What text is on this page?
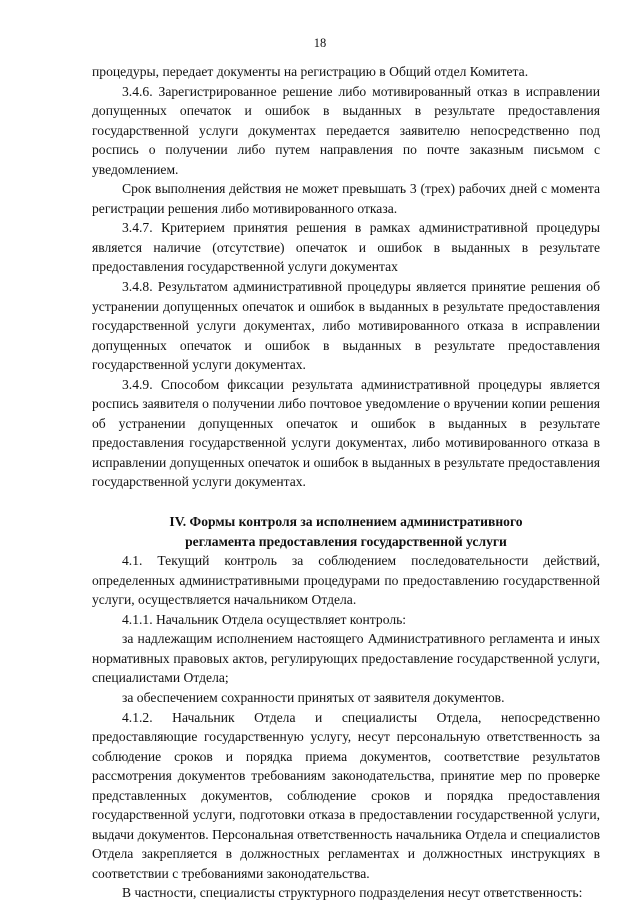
18

процедуры, передает документы на регистрацию в Общий отдел Комитета.

3.4.6. Зарегистрированное решение либо мотивированный отказ в исправлении допущенных опечаток и ошибок в выданных в результате предоставления государственной услуги документах передается заявителю непосредственно под роспись о получении либо путем направления по почте заказным письмом с уведомлением.

Срок выполнения действия не может превышать 3 (трех) рабочих дней с момента регистрации решения либо мотивированного отказа.

3.4.7. Критерием принятия решения в рамках административной процедуры является наличие (отсутствие) опечаток и ошибок в выданных в результате предоставления государственной услуги документах

3.4.8. Результатом административной процедуры является принятие решения об устранении допущенных опечаток и ошибок в выданных в результате предоставления государственной услуги документах, либо мотивированного отказа в исправлении допущенных опечаток и ошибок в выданных в результате предоставления государственной услуги документах.

3.4.9. Способом фиксации результата административной процедуры является роспись заявителя о получении либо почтовое уведомление о вручении копии решения об устранении допущенных опечаток и ошибок в выданных в результате предоставления государственной услуги документах, либо мотивированного отказа в исправлении допущенных опечаток и ошибок в выданных в результате предоставления государственной услуги документах.

IV. Формы контроля за исполнением административного
регламента предоставления государственной услуги

4.1. Текущий контроль за соблюдением последовательности действий, определенных административными процедурами по предоставлению государственной услуги, осуществляется начальником Отдела.

4.1.1. Начальник Отдела осуществляет контроль:

за надлежащим исполнением настоящего Административного регламента и иных нормативных правовых актов, регулирующих предоставление государственной услуги, специалистами Отдела;

за обеспечением сохранности принятых от заявителя документов.

4.1.2. Начальник Отдела и специалисты Отдела, непосредственно предоставляющие государственную услугу, несут персональную ответственность за соблюдение сроков и порядка приема документов, соответствие результатов рассмотрения документов требованиям законодательства, принятие мер по проверке представленных документов, соблюдение сроков и порядка предоставления государственной услуги, подготовки отказа в предоставлении государственной услуги, выдачи документов. Персональная ответственность начальника Отдела и специалистов Отдела закрепляется в должностных регламентах и должностных инструкциях в соответствии с требованиями законодательства.

В частности, специалисты структурного подразделения несут ответственность:
